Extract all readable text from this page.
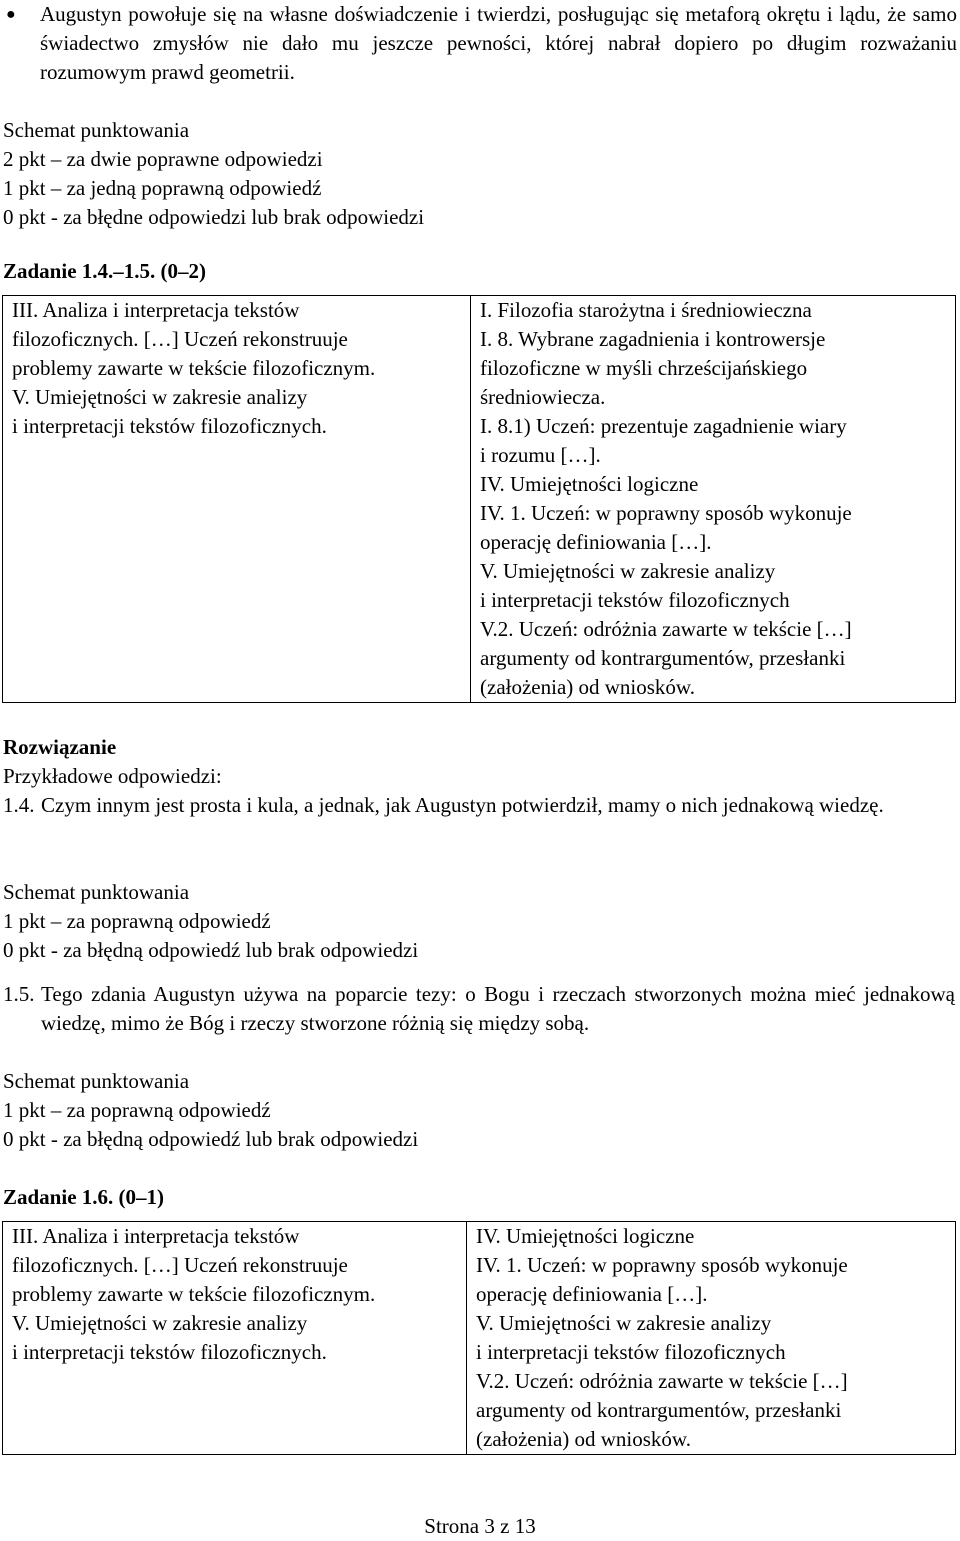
● Augustyn powołuje się na własne doświadczenie i twierdzi, posługując się metaforą okrętu i lądu, że samo świadectwo zmysłów nie dało mu jeszcze pewności, której nabrał dopiero po długim rozważaniu rozumowym prawd geometrii.
Schemat punktowania
2 pkt – za dwie poprawne odpowiedzi
1 pkt – za jedną poprawną odpowiedź
0 pkt - za błędne odpowiedzi lub brak odpowiedzi
Zadanie 1.4.–1.5. (0–2)
III. Analiza i interpretacja tekstów
filozoficznych. […] Uczeń rekonstruuje
problemy zawarte w tekście filozoficznym.
V. Umiejętności w zakresie analizy
i interpretacji tekstów filozoficznych.

I. Filozofia starożytna i średniowieczna
I. 8. Wybrane zagadnienia i kontrowersje
filozoficzne w myśli chrześcijańskiego
średniowiecza.
I. 8.1) Uczeń: prezentuje zagadnienie wiary
i rozumu […].
IV. Umiejętności logiczne
IV. 1. Uczeń: w poprawny sposób wykonuje
operację definiowania […].
V. Umiejętności w zakresie analizy
i interpretacji tekstów filozoficznych
V.2. Uczeń: odróżnia zawarte w tekście […]
argumenty od kontrargumentów, przesłanki
(założenia) od wniosków.
Rozwiązanie
Przykładowe odpowiedzi:
1.4. Czym innym jest prosta i kula, a jednak, jak Augustyn potwierdził, mamy o nich jednakową wiedzę.
Schemat punktowania
1 pkt – za poprawną odpowiedź
0 pkt - za błędną odpowiedź lub brak odpowiedzi
1.5. Tego zdania Augustyn używa na poparcie tezy: o Bogu i rzeczach stworzonych można mieć jednakową wiedzę, mimo że Bóg i rzeczy stworzone różnią się między sobą.
Schemat punktowania
1 pkt – za poprawną odpowiedź
0 pkt - za błędną odpowiedź lub brak odpowiedzi
Zadanie 1.6. (0–1)
III. Analiza i interpretacja tekstów
filozoficznych. […] Uczeń rekonstruuje
problemy zawarte w tekście filozoficznym.
V. Umiejętności w zakresie analizy
i interpretacji tekstów filozoficznych.

IV. Umiejętności logiczne
IV. 1. Uczeń: w poprawny sposób wykonuje
operację definiowania […].
V. Umiejętności w zakresie analizy
i interpretacji tekstów filozoficznych
V.2. Uczeń: odróżnia zawarte w tekście […]
argumenty od kontrargumentów, przesłanki
(założenia) od wniosków.
Strona 3 z 13
